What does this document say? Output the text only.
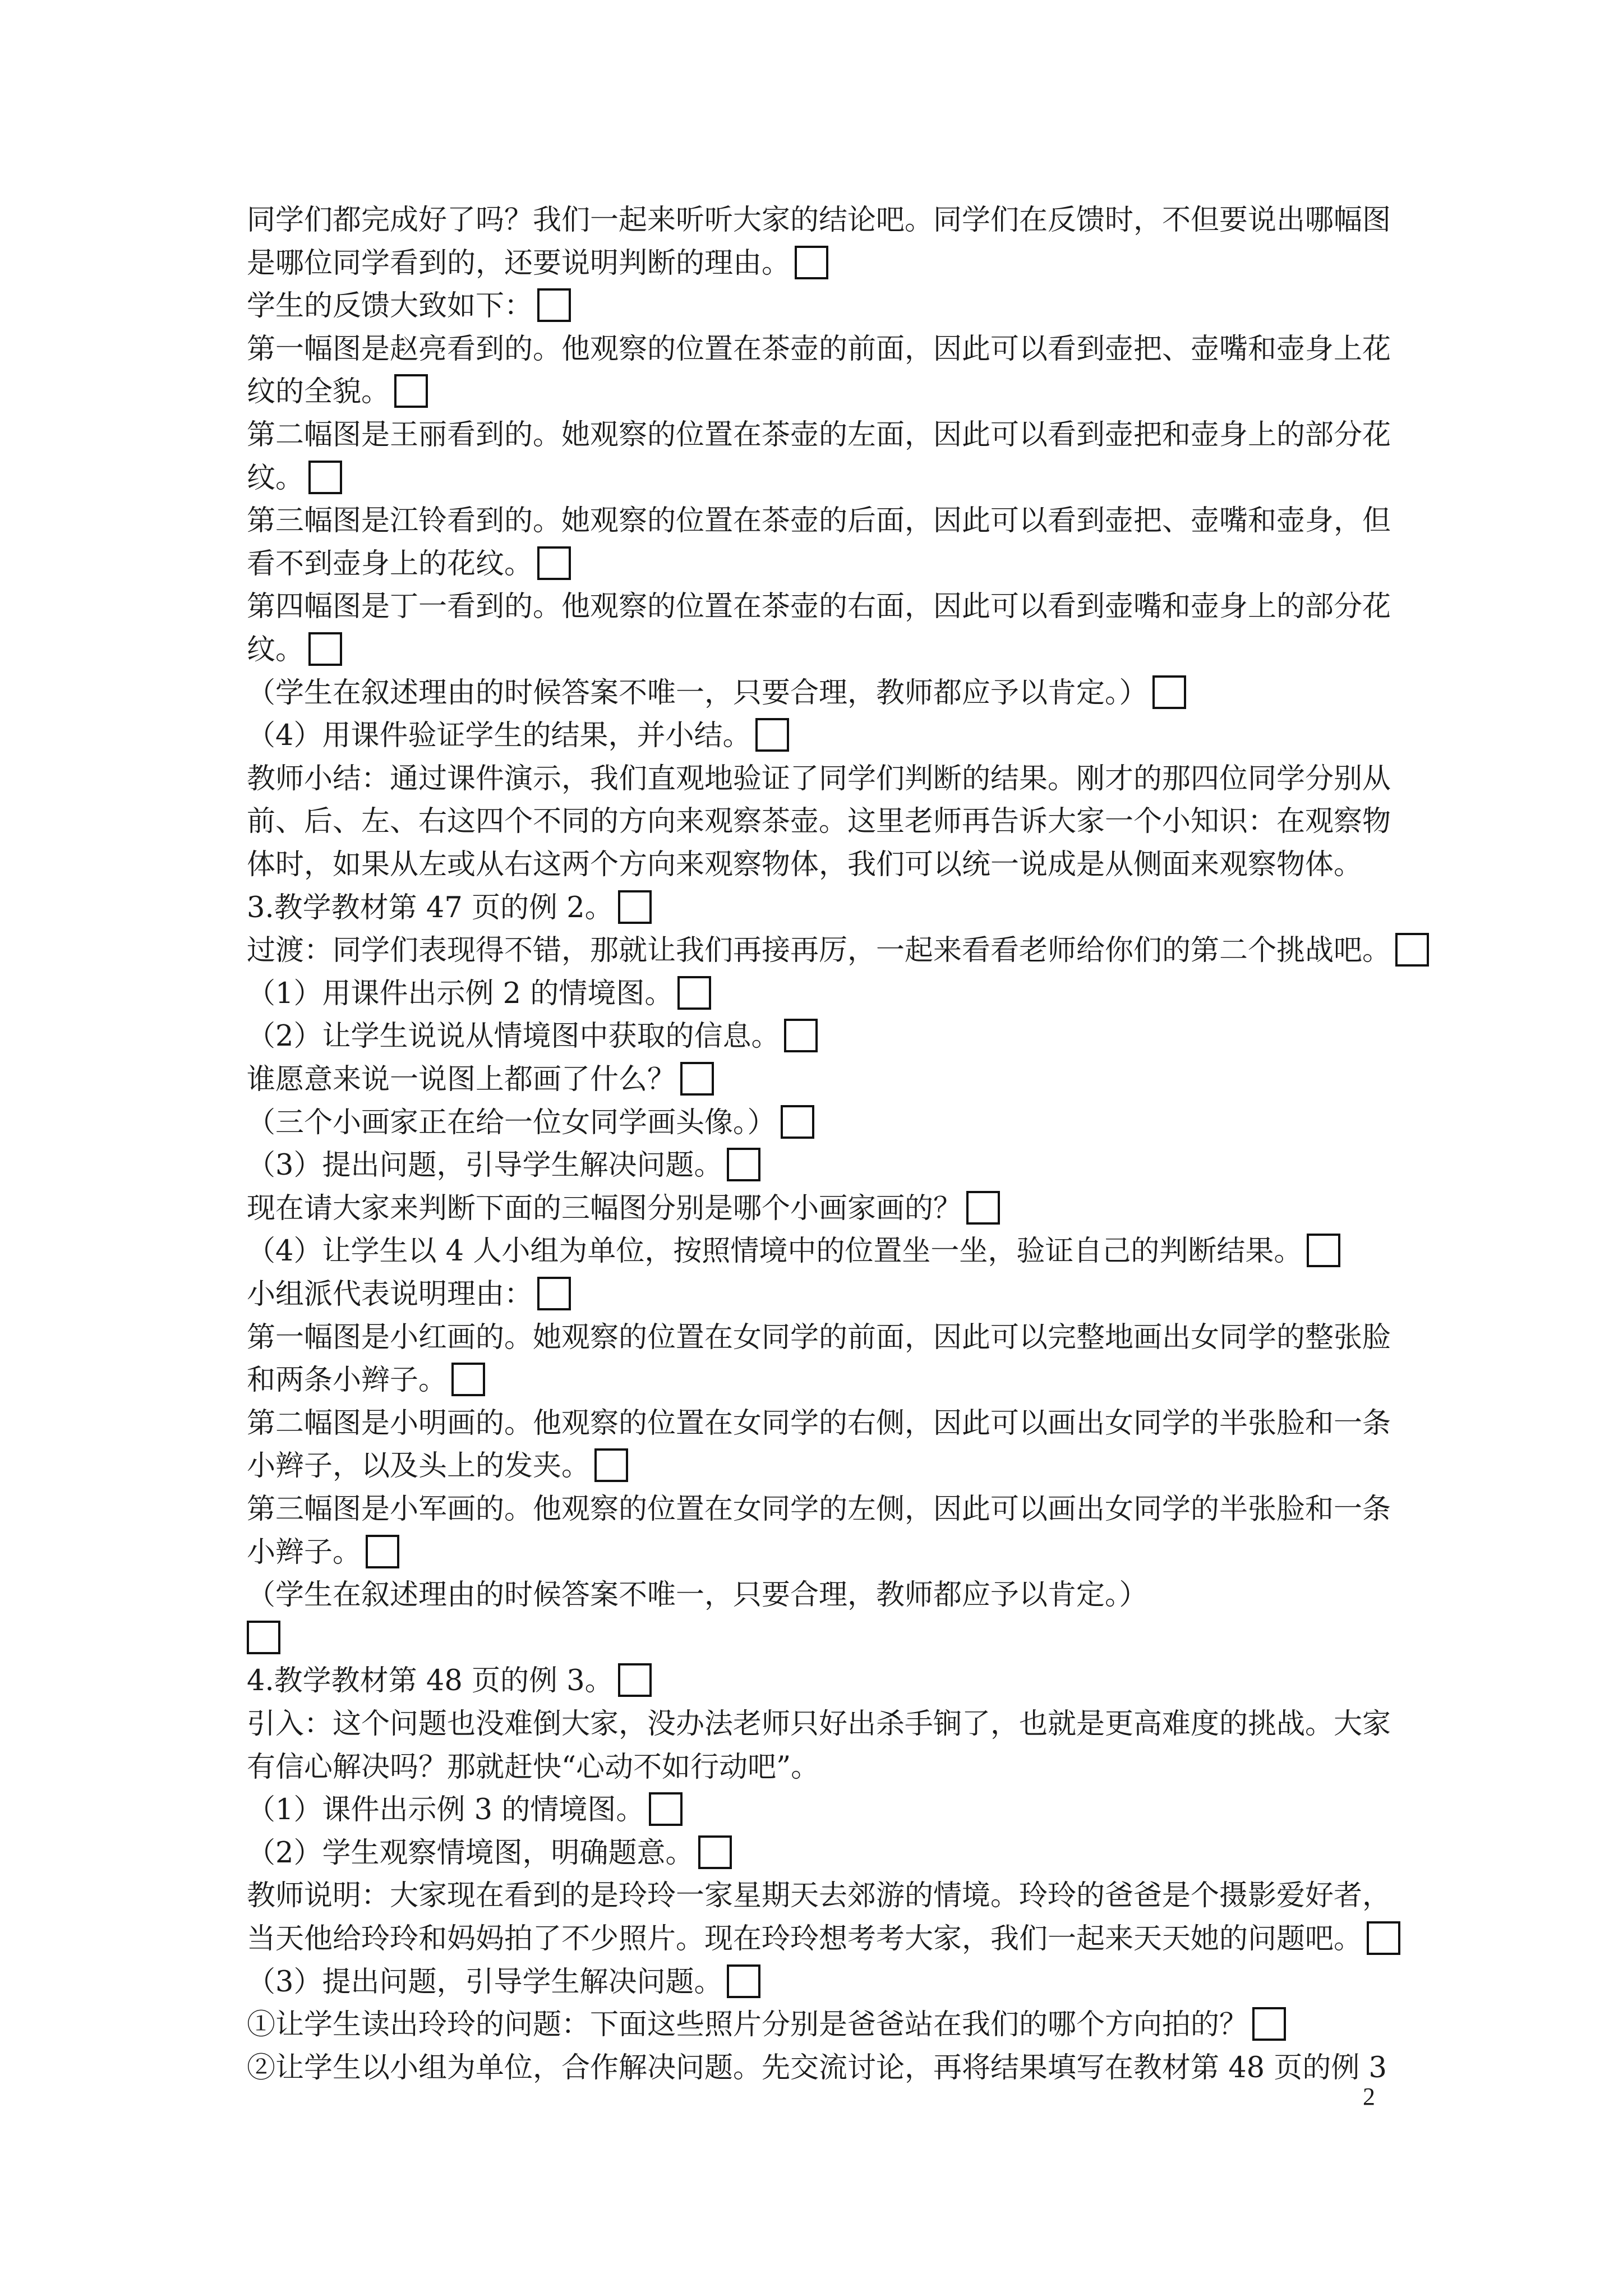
同学们都完成好了吗？我们一起来听听大家的结论吧。同学们在反馈时，不但要说出哪幅图
是哪位同学看到的，还要说明判断的理由。
学生的反馈大致如下：
第一幅图是赵亮看到的。他观察的位置在茶壶的前面，因此可以看到壶把、壶嘴和壶身上花
纹的全貌。
第二幅图是王丽看到的。她观察的位置在茶壶的左面，因此可以看到壶把和壶身上的部分花
纹。
第三幅图是江铃看到的。她观察的位置在茶壶的后面，因此可以看到壶把、壶嘴和壶身，但
看不到壶身上的花纹。
第四幅图是丁一看到的。他观察的位置在茶壶的右面，因此可以看到壶嘴和壶身上的部分花
纹。
（学生在叙述理由的时候答案不唯一，只要合理，教师都应予以肯定。）
（4）用课件验证学生的结果，并小结。
教师小结：通过课件演示，我们直观地验证了同学们判断的结果。刚才的那四位同学分别从
前、后、左、右这四个不同的方向来观察茶壶。这里老师再告诉大家一个小知识：在观察物
体时，如果从左或从右这两个方向来观察物体，我们可以统一说成是从侧面来观察物体。
3.教学教材第 47 页的例 2。
过渡：同学们表现得不错，那就让我们再接再厉，一起来看看老师给你们的第二个挑战吧。
（1）用课件出示例 2 的情境图。
（2）让学生说说从情境图中获取的信息。
谁愿意来说一说图上都画了什么？
（三个小画家正在给一位女同学画头像。）
（3）提出问题，引导学生解决问题。
现在请大家来判断下面的三幅图分别是哪个小画家画的？
（4）让学生以 4 人小组为单位，按照情境中的位置坐一坐，验证自己的判断结果。
小组派代表说明理由：
第一幅图是小红画的。她观察的位置在女同学的前面，因此可以完整地画出女同学的整张脸
和两条小辫子。
第二幅图是小明画的。他观察的位置在女同学的右侧，因此可以画出女同学的半张脸和一条
小辫子，以及头上的发夹。
第三幅图是小军画的。他观察的位置在女同学的左侧，因此可以画出女同学的半张脸和一条
小辫子。
（学生在叙述理由的时候答案不唯一，只要合理，教师都应予以肯定。）
4.教学教材第 48 页的例 3。
引入：这个问题也没难倒大家，没办法老师只好出杀手锏了，也就是更高难度的挑战。大家
有信心解决吗？那就赶快“心动不如行动吧”。
（1）课件出示例 3 的情境图。
（2）学生观察情境图，明确题意。
教师说明：大家现在看到的是玲玲一家星期天去郊游的情境。玲玲的爸爸是个摄影爱好者，
当天他给玲玲和妈妈拍了不少照片。现在玲玲想考考大家，我们一起来天天她的问题吧。
（3）提出问题，引导学生解决问题。
①让学生读出玲玲的问题：下面这些照片分别是爸爸站在我们的哪个方向拍的？
②让学生以小组为单位，合作解决问题。先交流讨论，再将结果填写在教材第 48 页的例 3
2
